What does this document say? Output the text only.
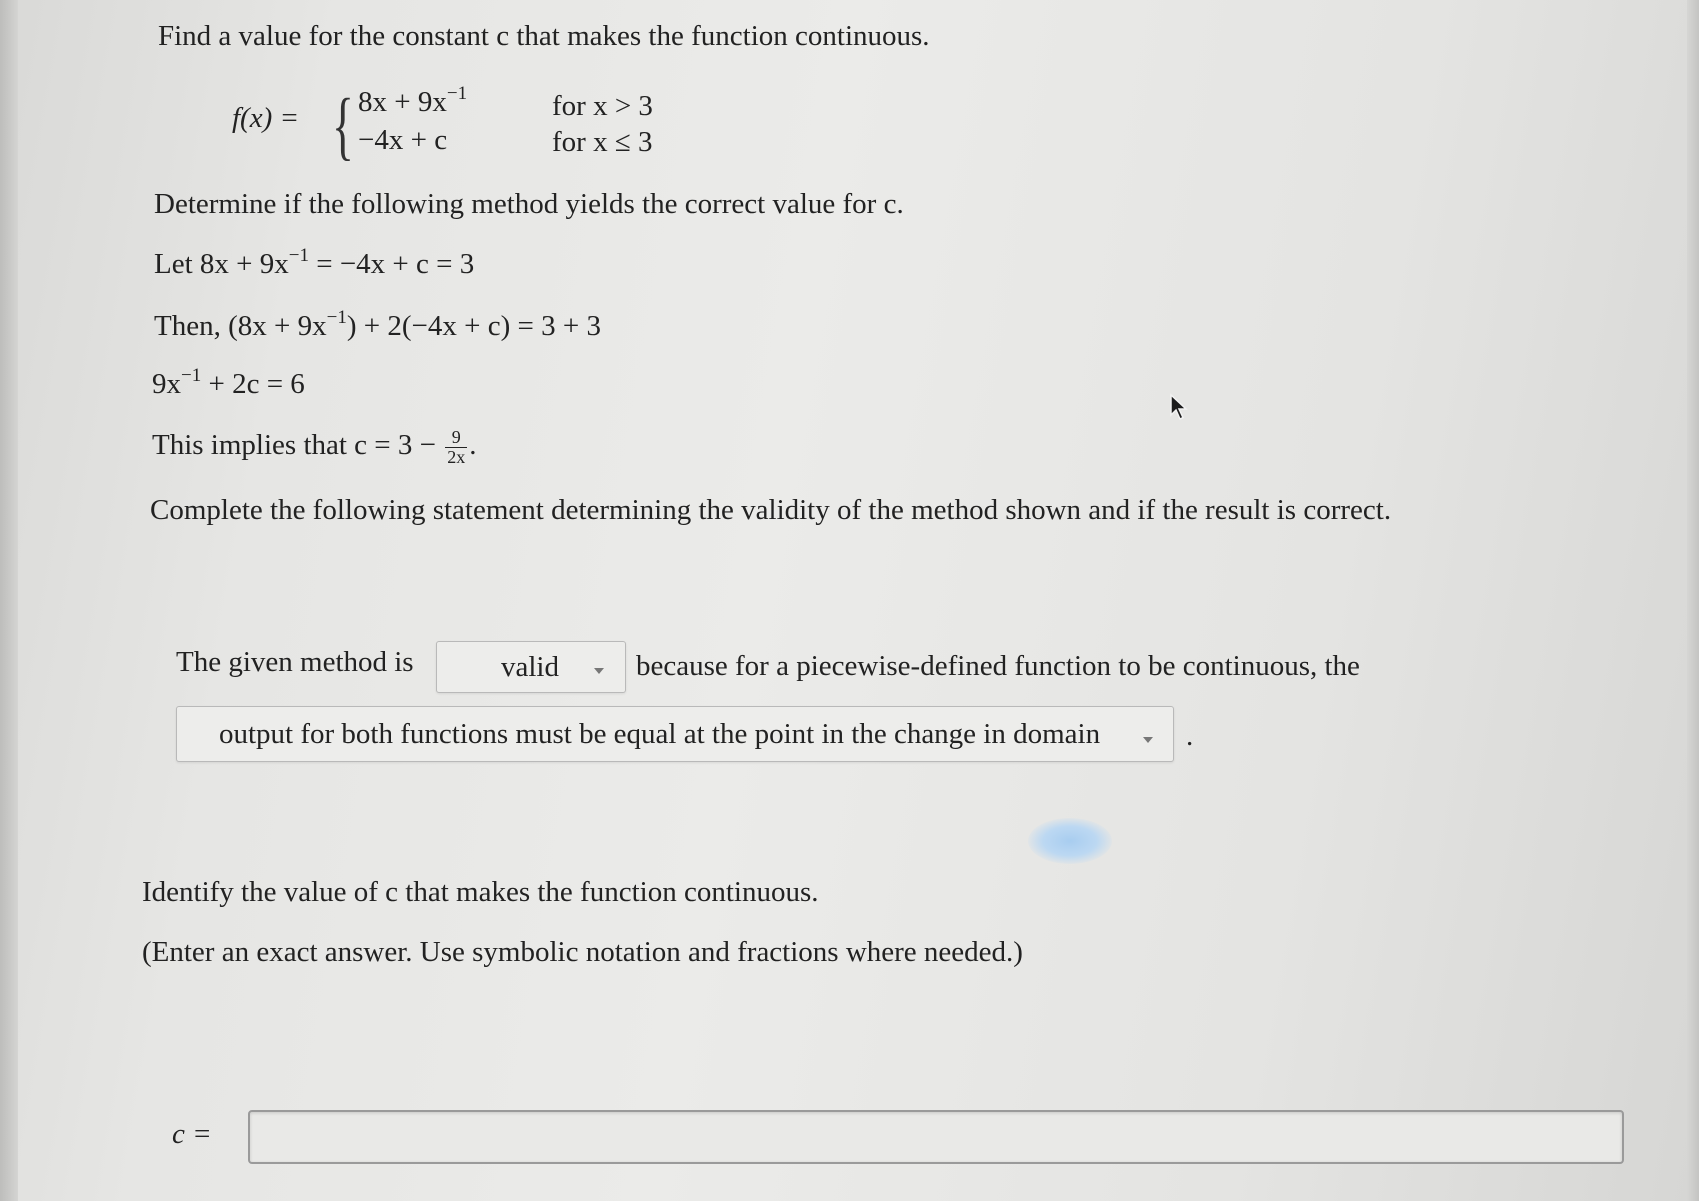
Find a value for the constant c that makes the function continuous.
f(x) = { $8x + 9x^{-1}$	for x > 3
−4x + c	for x ≤ 3
Determine if the following method yields the correct value for c.
Let $8x + 9x^{-1} = -4x + c = 3$
Then, $(8x + 9x^{-1}) + 2(-4x + c) = 3 + 3$
$9x^{-1} + 2c = 6$
This implies that $c = 3 - \frac{9}{2x}$ .
Complete the following statement determining the validity of the method shown and if the result is correct.
The given method is	valid	because for a piecewise-defined function to be continuous, the
output for both functions must be equal at the point in the change in domain	.
Identify the value of c that makes the function continuous.
(Enter an exact answer. Use symbolic notation and fractions where needed.)
c =
